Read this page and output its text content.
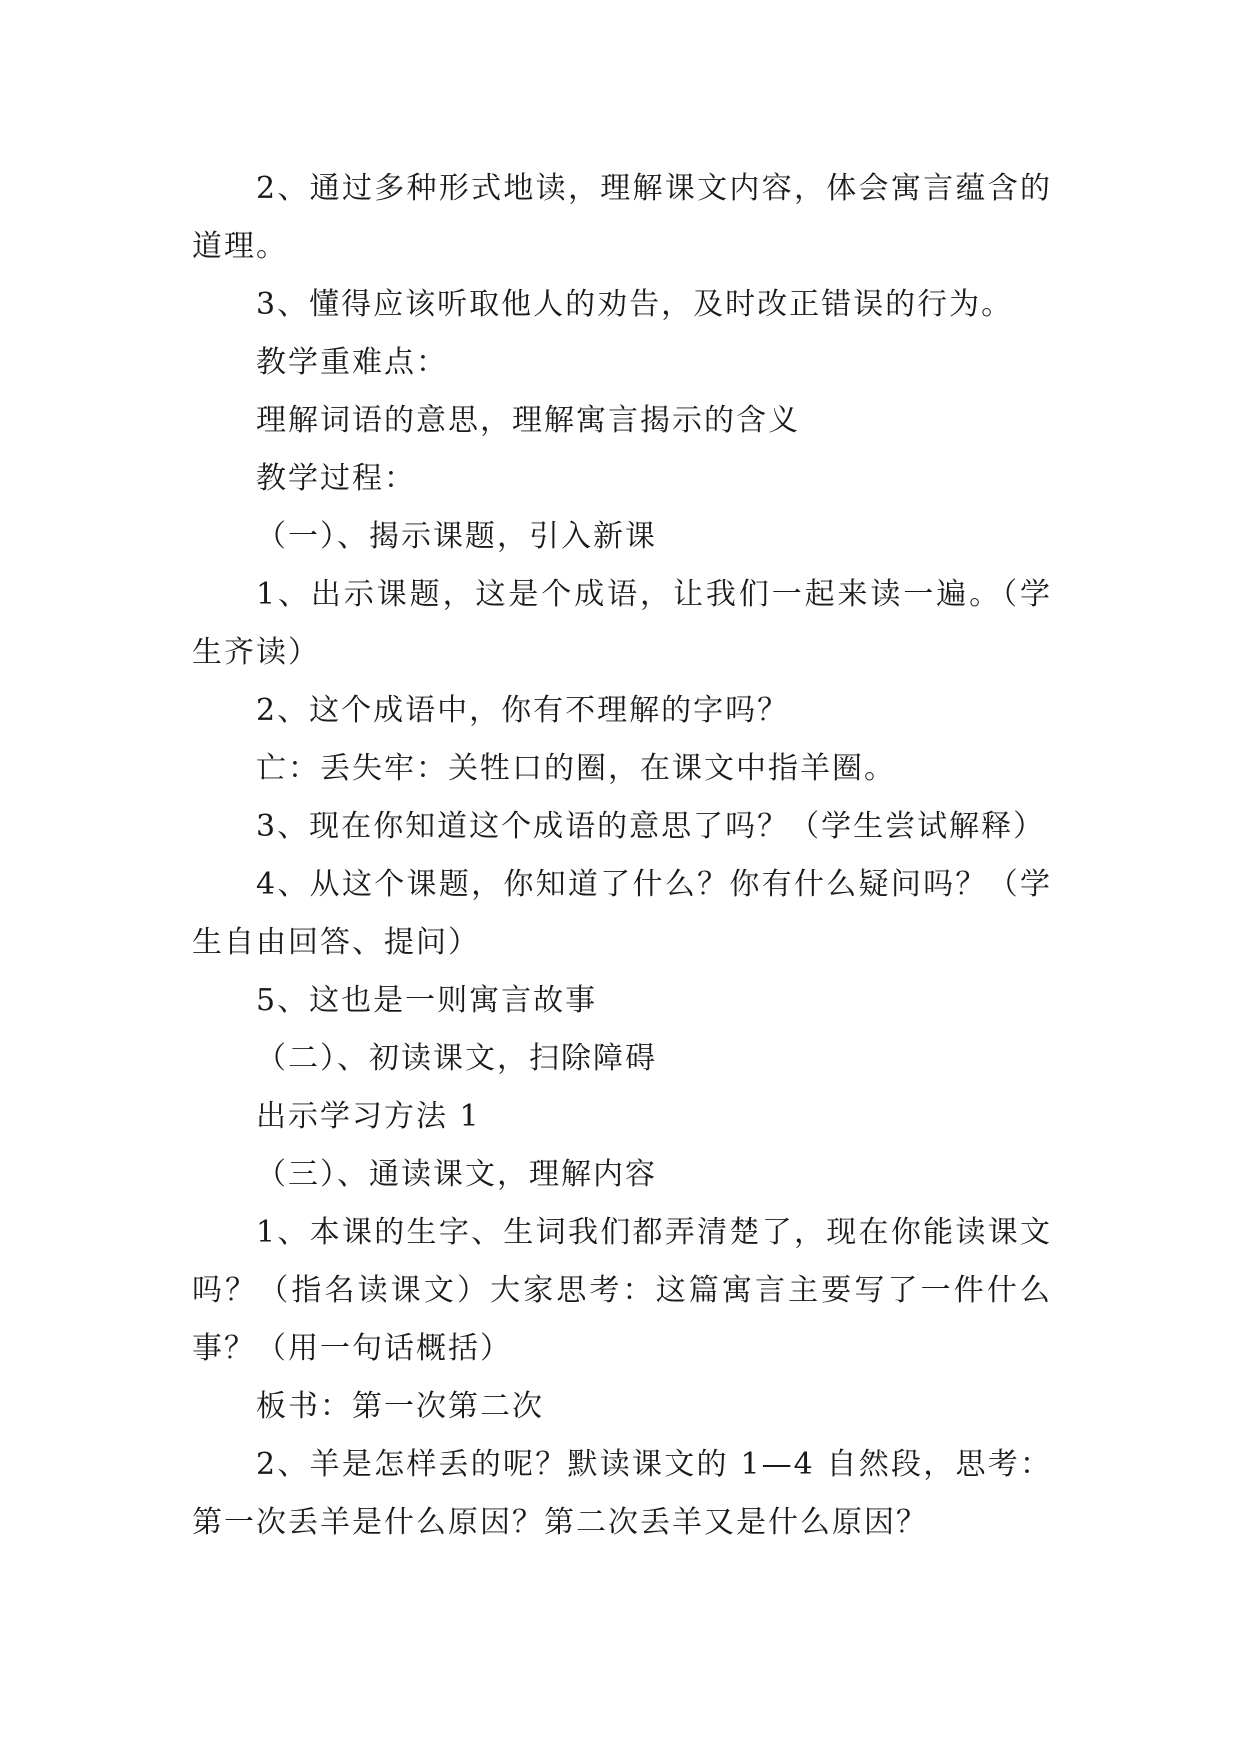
2、通过多种形式地读，理解课文内容，体会寓言蕴含的道理。

3、懂得应该听取他人的劝告，及时改正错误的行为。

教学重难点：

理解词语的意思，理解寓言揭示的含义

教学过程：

（一）、揭示课题，引入新课

1、出示课题，这是个成语，让我们一起来读一遍。（学生齐读）

2、这个成语中，你有不理解的字吗？

亡：丢失牢：关牲口的圈，在课文中指羊圈。

3、现在你知道这个成语的意思了吗？（学生尝试解释）

4、从这个课题，你知道了什么？你有什么疑问吗？（学生自由回答、提问）

5、这也是一则寓言故事

（二）、初读课文，扫除障碍

出示学习方法 1

（三）、通读课文，理解内容

1、本课的生字、生词我们都弄清楚了，现在你能读课文吗？（指名读课文）大家思考：这篇寓言主要写了一件什么事？（用一句话概括）

板书：第一次第二次

2、羊是怎样丢的呢？默读课文的 1—4 自然段，思考：第一次丢羊是什么原因？第二次丢羊又是什么原因？
